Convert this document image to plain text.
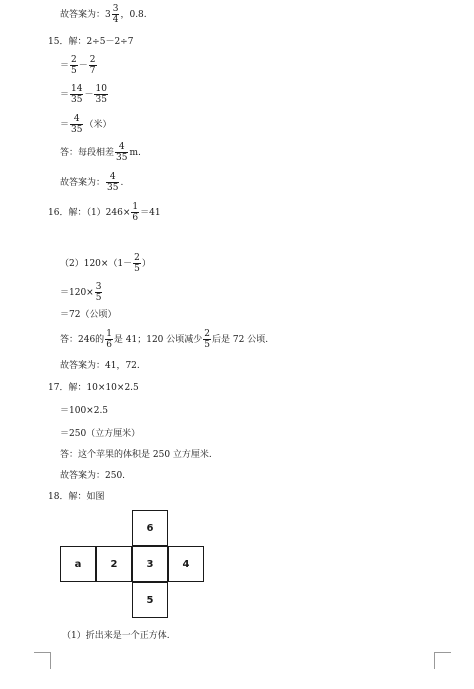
故答案为：$3 \frac{3}{4}$ ，0.8.
15．解：2÷5－2÷7
＝ $\frac{2}{5} - \frac{2}{7}$
＝ $\frac{14}{35} - \frac{10}{35}$
＝ $\frac{4}{35}$ （米）
答：每段相差 $\frac{4}{35} m$.
故答案为： $\frac{4}{35}$ .
16．解：$(1)246\times \frac{1}{6} =41$
$(2)120\times(1- \frac{2}{5}$ ）
$=120\times \frac{3}{5}$
＝72（公顷）
答：246的 $\frac{1}{6}$ 是 41；120 公顷减少 $\frac{2}{5}$ 后是 72 公顷.
故答案为：41，72.
17．解：10×10×2.5
＝100×2.5
＝250（立方厘米）
答：这个苹果的体积是 250 立方厘米.
故答案为：250.
18．解：如图
6
a	2	3	4
5
（1）折出来是一个正方体.
